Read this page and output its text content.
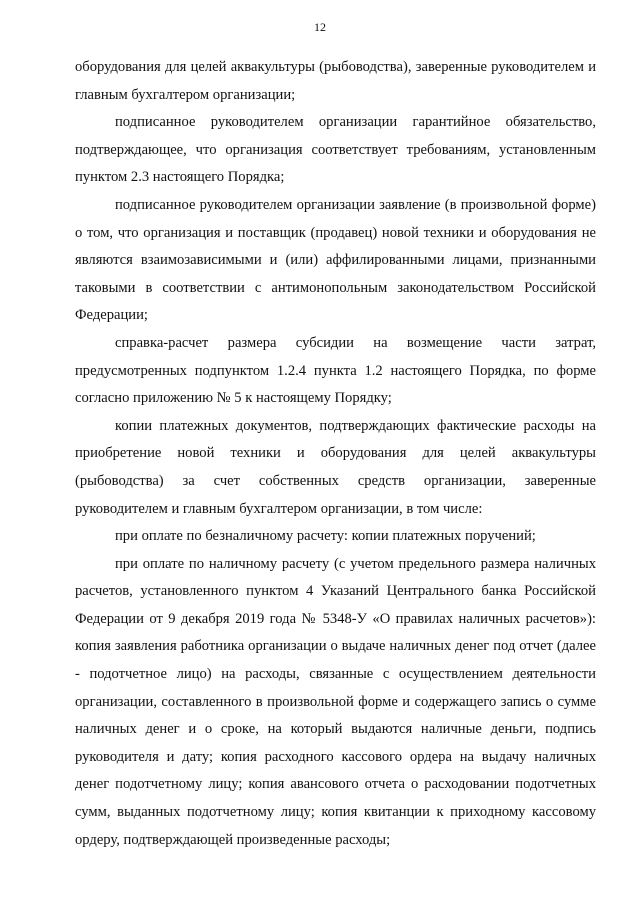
12

оборудования для целей аквакультуры (рыбоводства), заверенные руководителем и главным бухгалтером организации;

подписанное руководителем организации гарантийное обязательство, подтверждающее, что организация соответствует требованиям, установленным пунктом 2.3 настоящего Порядка;

подписанное руководителем организации заявление (в произвольной форме) о том, что организация и поставщик (продавец) новой техники и оборудования не являются взаимозависимыми и (или) аффилированными лицами, признанными таковыми в соответствии с антимонопольным законодательством Российской Федерации;

справка-расчет размера субсидии на возмещение части затрат, предусмотренных подпунктом 1.2.4 пункта 1.2 настоящего Порядка, по форме согласно приложению № 5 к настоящему Порядку;

копии платежных документов, подтверждающих фактические расходы на приобретение новой техники и оборудования для целей аквакультуры (рыбоводства) за счет собственных средств организации, заверенные руководителем и главным бухгалтером организации, в том числе:

при оплате по безналичному расчету: копии платежных поручений;

при оплате по наличному расчету (с учетом предельного размера наличных расчетов, установленного пунктом 4 Указаний Центрального банка Российской Федерации от 9 декабря 2019 года № 5348-У «О правилах наличных расчетов»): копия заявления работника организации о выдаче наличных денег под отчет (далее - подотчетное лицо) на расходы, связанные с осуществлением деятельности организации, составленного в произвольной форме и содержащего запись о сумме наличных денег и о сроке, на который выдаются наличные деньги, подпись руководителя и дату; копия расходного кассового ордера на выдачу наличных денег подотчетному лицу; копия авансового отчета о расходовании подотчетных сумм, выданных подотчетному лицу; копия квитанции к приходному кассовому ордеру, подтверждающей произведенные расходы;
